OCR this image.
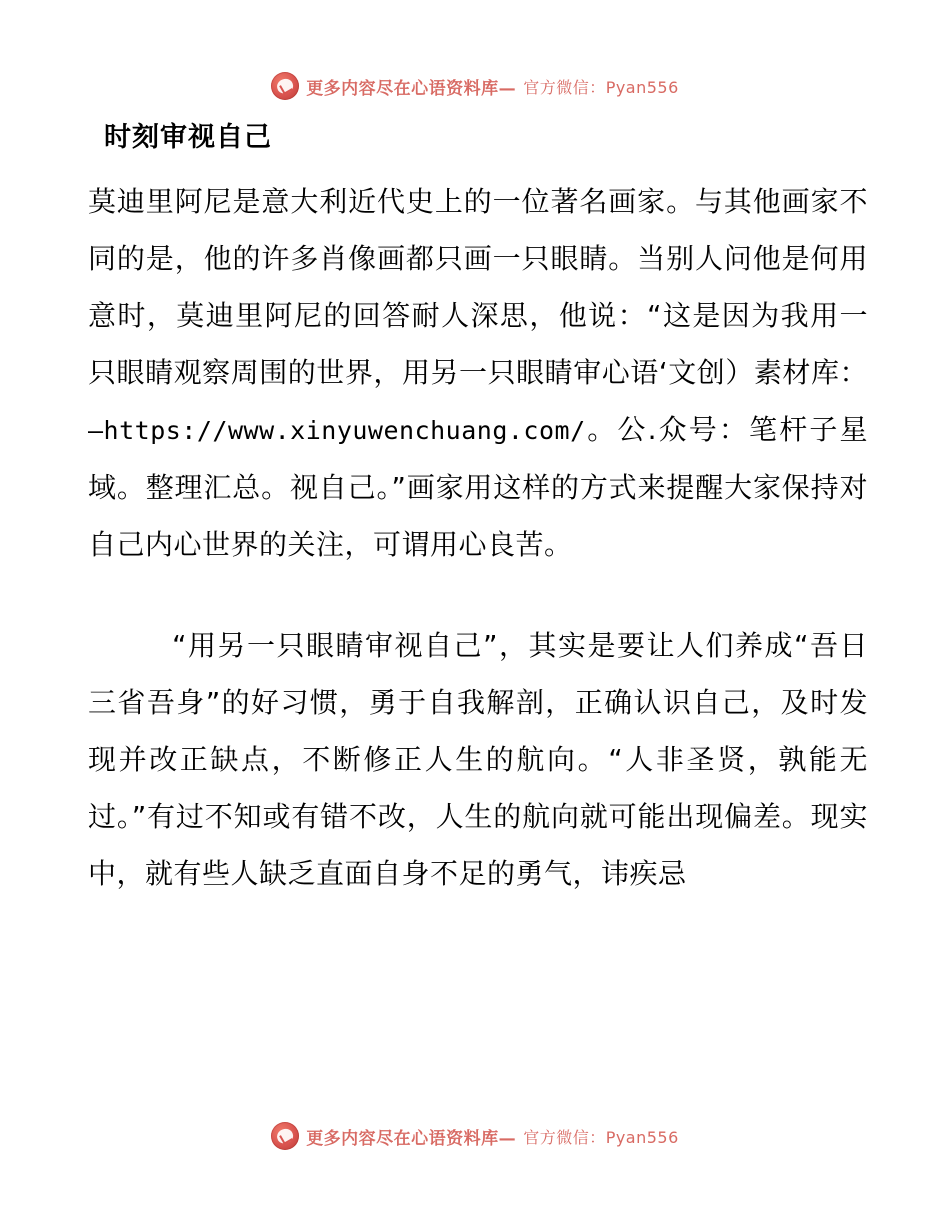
更多内容尽在心语资料库— 官方微信：Pyan556
时刻审视自己

莫迪里阿尼是意大利近代史上的一位著名画家。与其他画家不同的是，他的许多肖像画都只画一只眼睛。当别人问他是何用意时，莫迪里阿尼的回答耐人深思，他说：“这是因为我用一只眼睛观察周围的世界，用另一只眼睛审心语‘文创）素材库：—https://www.xinyuwenchuang.com/。公.众号：笔杆子星域。整理汇总。视自己。”画家用这样的方式来提醒大家保持对自己内心世界的关注，可谓用心良苦。

“用另一只眼睛审视自己”，其实是要让人们养成“吾日三省吾身”的好习惯，勇于自我解剖，正确认识自己，及时发现并改正缺点，不断修正人生的航向。“人非圣贤，孰能无过。”有过不知或有错不改，人生的航向就可能出现偏差。现实中，就有些人缺乏直面自身不足的勇气，讳疾忌

更多内容尽在心语资料库— 官方微信：Pyan556
